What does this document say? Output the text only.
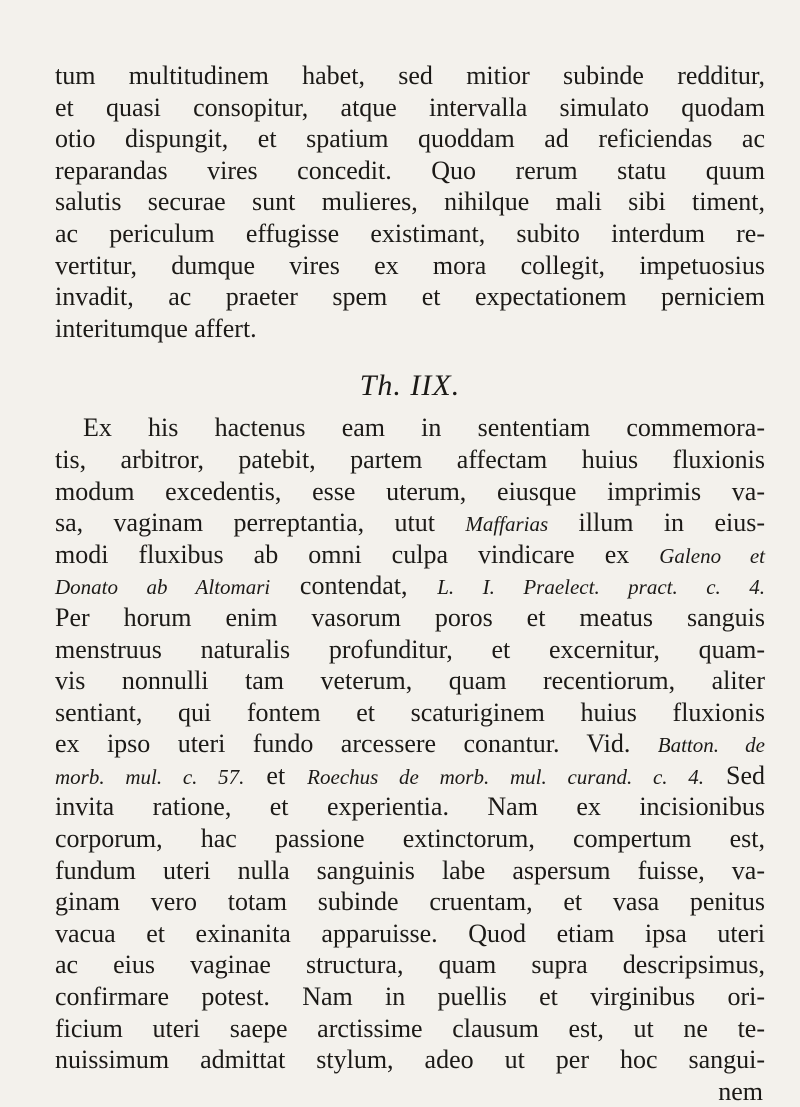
tum multitudinem habet, sed mitior subinde redditur,
et quasi consopitur, atque intervalla simulato quodam
otio dispungit, et spatium quoddam ad reficiendas ac
reparandas vires concedit. Quo rerum statu quum
salutis securae sunt mulieres, nihilque mali sibi timent,
ac periculum effugisse existimant, subito interdum re-
vertitur, dumque vires ex mora collegit, impetuosius
invadit, ac praeter spem et expectationem perniciem
interitumque affert.
Th. IIX.
Ex his hactenus eam in sententiam commemora-
tis, arbitror, patebit, partem affectam huius fluxionis
modum excedentis, esse uterum, eiusque imprimis va-
sa, vaginam perreptantia, utut Maffarias illum in eius-
modi fluxibus ab omni culpa vindicare ex Galeno et
Donato ab Altomari contendat, L. I. Praelect. pract. c. 4.
Per horum enim vasorum poros et meatus sanguis
menstruus naturalis profunditur, et excernitur, quam-
vis nonnulli tam veterum, quam recentiorum, aliter
sentiant, qui fontem et scaturiginem huius fluxionis
ex ipso uteri fundo arcessere conantur. Vid. Batton. de
morb. mul. c. 57. et Roechus de morb. mul. curand. c. 4. Sed
invita ratione, et experientia. Nam ex incisionibus
corporum, hac passione extinctorum, compertum est,
fundum uteri nulla sanguinis labe aspersum fuisse, va-
ginam vero totam subinde cruentam, et vasa penitus
vacua et exinanita apparuisse. Quod etiam ipsa uteri
ac eius vaginae structura, quam supra descripsimus,
confirmare potest. Nam in puellis et virginibus ori-
ficium uteri saepe arctissime clausum est, ut ne te-
nuissimum admittat stylum, adeo ut per hoc sangui-
nem
